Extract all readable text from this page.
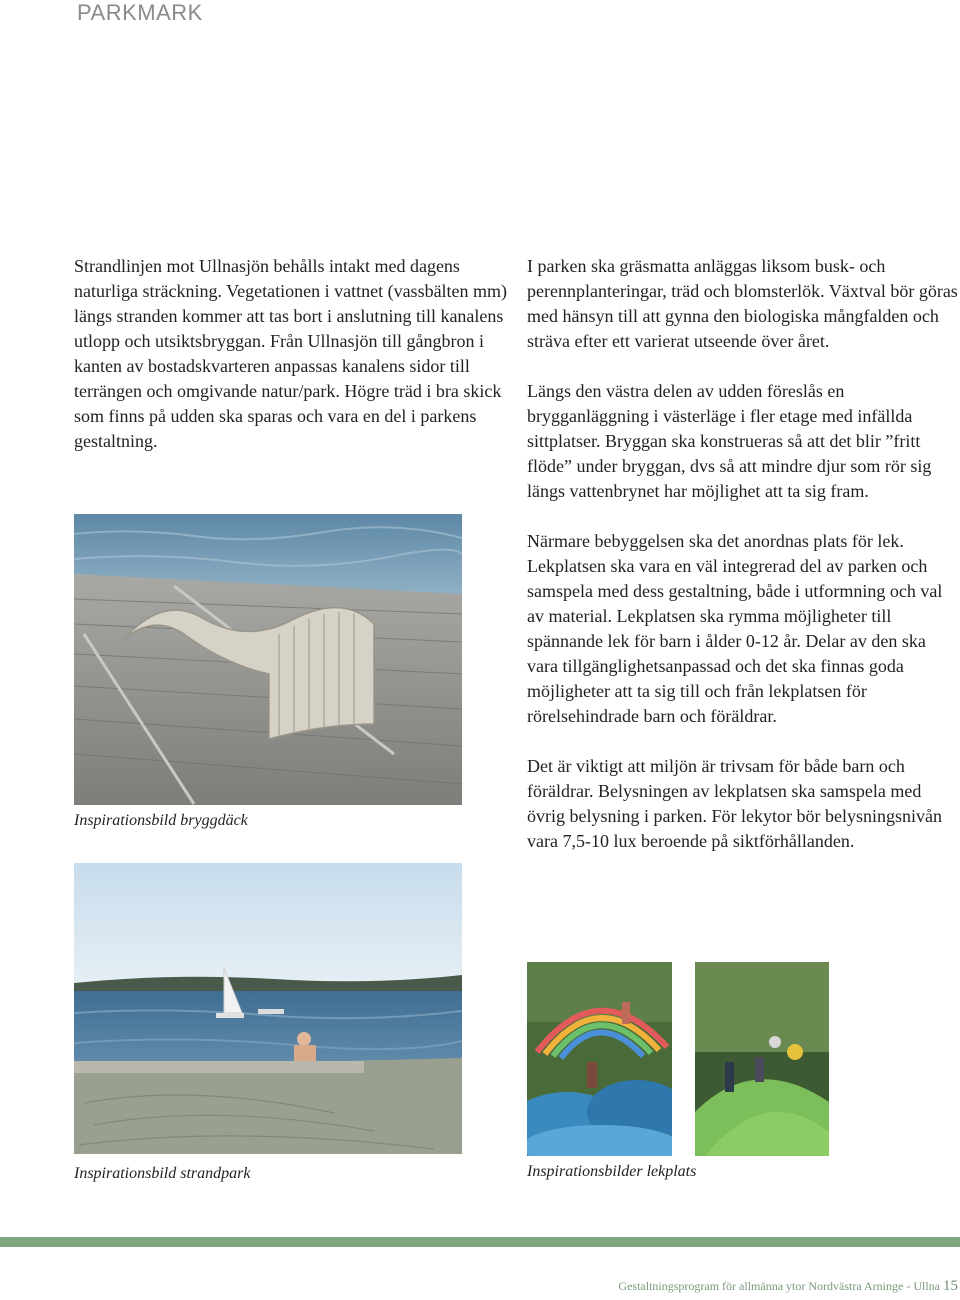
PARKMARK

Strandlinjen mot Ullnasjön behålls intakt med dagens naturliga sträckning. Vegetationen i vattnet (vassbälten mm) längs stranden kommer att tas bort i anslutning till kanalens utlopp och utsiktsbryggan. Från Ullnasjön till gångbron i kanten av bostadskvarteren anpassas kanalens sidor till terrängen och omgivande natur/park. Högre träd i bra skick som finns på udden ska sparas och vara en del i parkens gestaltning.

I parken ska gräsmatta anläggas liksom busk- och perennplanteringar, träd och blomsterlök. Växtval bör göras med hänsyn till att gynna den biologiska mångfalden och sträva efter ett varierat utseende över året.

Längs den västra delen av udden föreslås en brygganläggning i västerläge i fler etage med infällda sittplatser. Bryggan ska konstrueras så att det blir ”fritt flöde” under bryggan, dvs så att mindre djur som rör sig längs vattenbrynet har möjlighet att ta sig fram.

Närmare bebyggelsen ska det anordnas plats för lek. Lekplatsen ska vara en väl integrerad del av parken och samspela med dess gestaltning, både i utformning och val av material. Lekplatsen ska rymma möjligheter till spännande lek för barn i ålder 0-12 år. Delar av den ska vara tillgänglighetsanpassad och det ska finnas goda möjligheter att ta sig till och från lekplatsen för rörelsehindrade barn och föräldrar.

Det är viktigt att miljön är trivsam för både barn och föräldrar. Belysningen av lekplatsen ska samspela med övrig belysning i parken. För lekytor bör belysningsnivån vara 7,5-10 lux beroende på siktförhållanden.

Inspirationsbild bryggdäck
Inspirationsbild strandpark	Inspirationsbilder lekplats
Gestaltningsprogram för allmänna ytor Nordvästra Arninge - Ullna 15
